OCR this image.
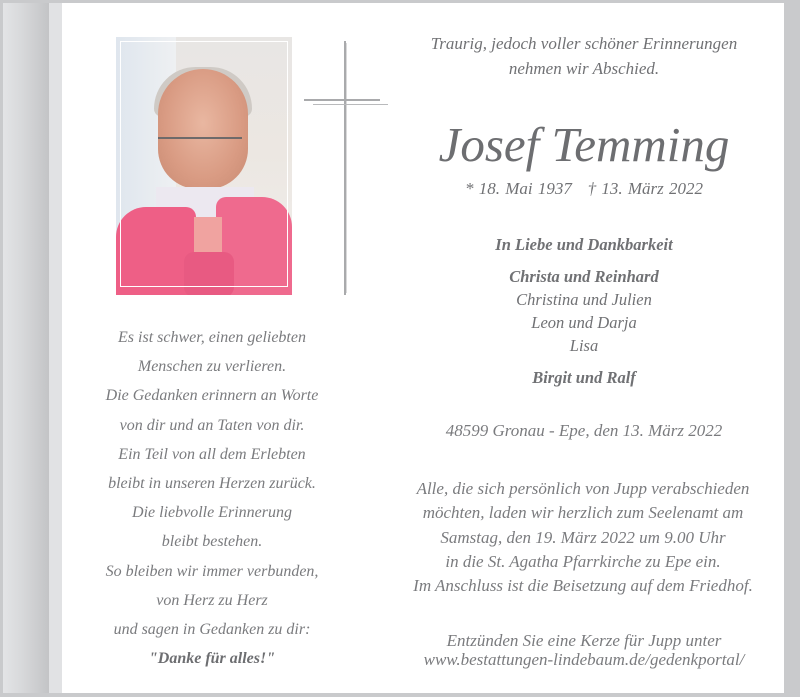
Traurig, jedoch voller schöner Erinnerungen
nehmen wir Abschied.
Josef Temming
* 18. Mai 1937 † 13. März 2022
In Liebe und Dankbarkeit
Christa und Reinhard
Christina und Julien
Leon und Darja
Lisa
Birgit und Ralf
48599 Gronau - Epe, den 13. März 2022
Alle, die sich persönlich von Jupp verabschieden
möchten, laden wir herzlich zum Seelenamt am
Samstag, den 19. März 2022 um 9.00 Uhr
in die St. Agatha Pfarrkirche zu Epe ein.
Im Anschluss ist die Beisetzung auf dem Friedhof.
Entzünden Sie eine Kerze für Jupp unter
www.bestattungen-lindebaum.de/gedenkportal/
Es ist schwer, einen geliebten
Menschen zu verlieren.
Die Gedanken erinnern an Worte
von dir und an Taten von dir.
Ein Teil von all dem Erlebten
bleibt in unseren Herzen zurück.
Die liebvolle Erinnerung
bleibt bestehen.
So bleiben wir immer verbunden,
von Herz zu Herz
und sagen in Gedanken zu dir:
"Danke für alles!"
